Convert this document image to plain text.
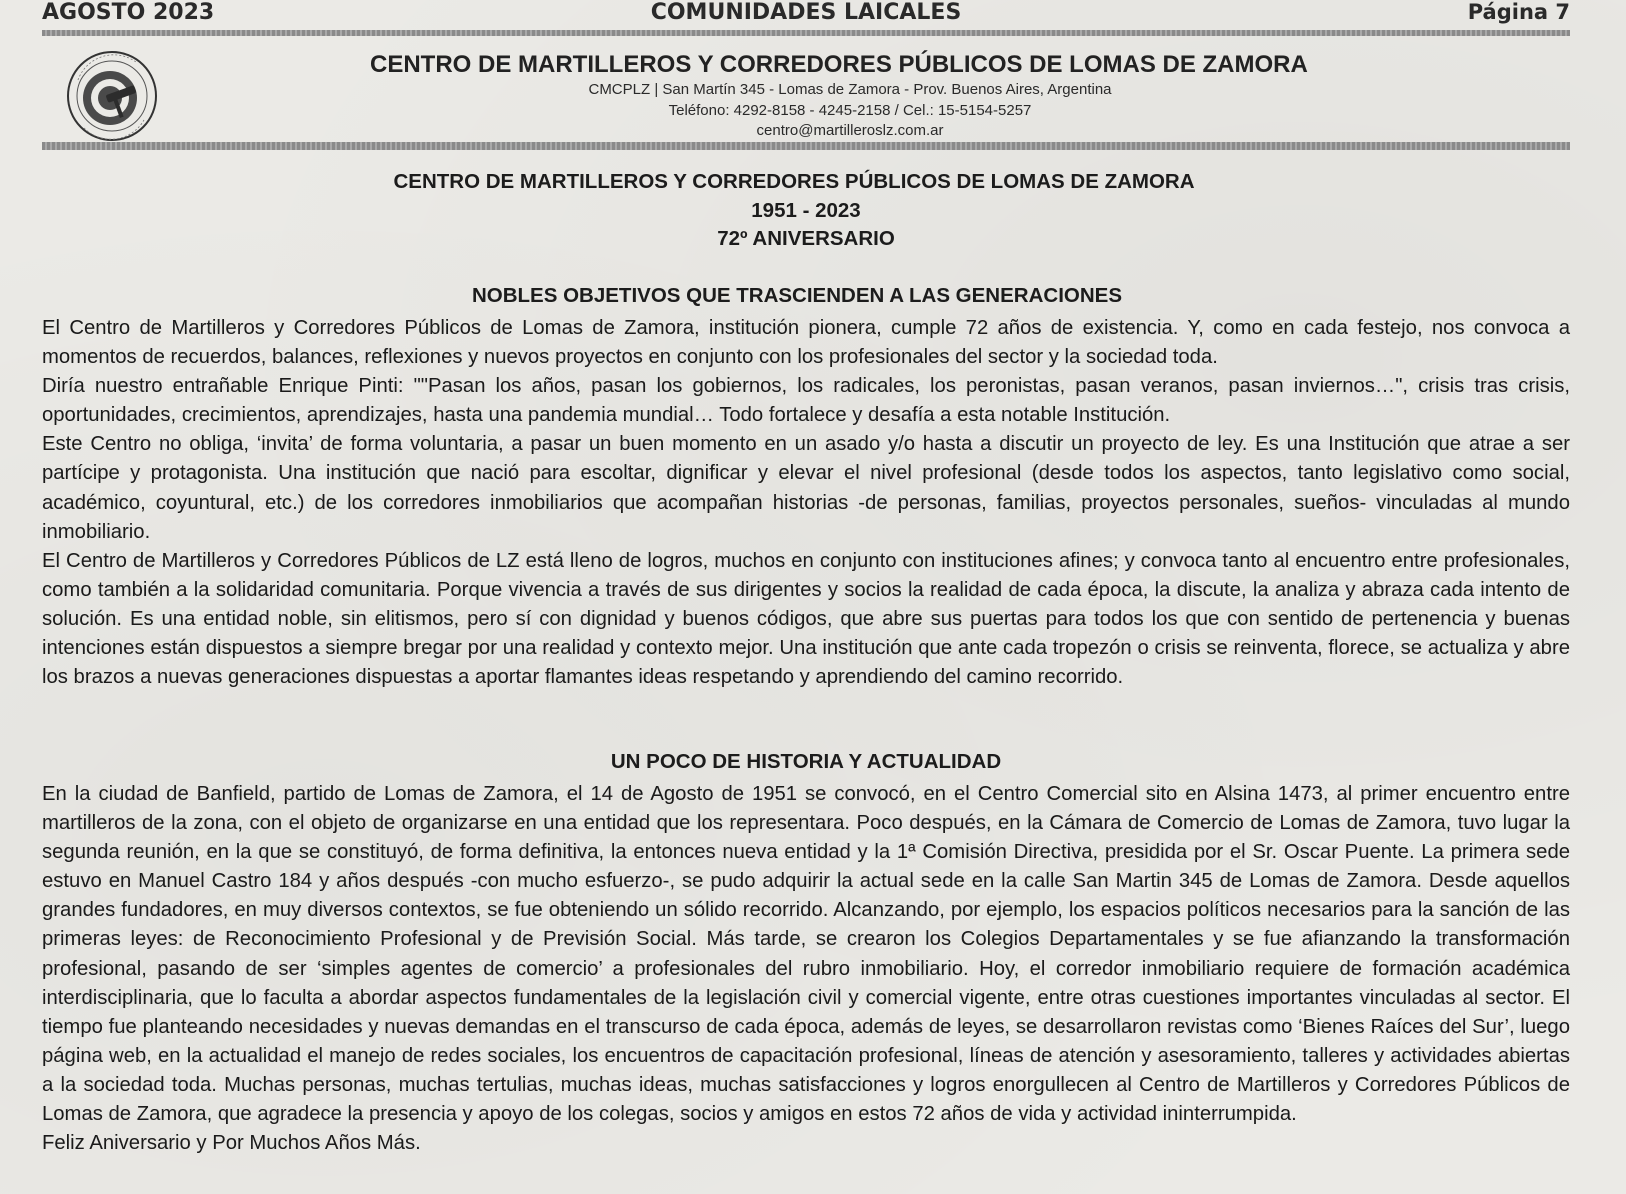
AGOSTO 2023	COMUNIDADES LAICALES	Página 7
CENTRO DE MARTILLEROS Y CORREDORES PÚBLICOS DE LOMAS DE ZAMORA
CMCPLZ | San Martín 345 - Lomas de Zamora - Prov. Buenos Aires, Argentina
Teléfono: 4292-8158 - 4245-2158 / Cel.: 15-5154-5257
centro@martilleroslz.com.ar
CENTRO DE MARTILLEROS Y CORREDORES PÚBLICOS DE LOMAS DE ZAMORA
1951 - 2023
72º ANIVERSARIO
NOBLES OBJETIVOS QUE TRASCIENDEN A LAS GENERACIONES

El Centro de Martilleros y Corredores Públicos de Lomas de Zamora, institución pionera, cumple 72 años de existencia. Y, como en cada festejo, nos convoca a momentos de recuerdos, balances, reflexiones y nuevos proyectos en conjunto con los profesionales del sector y la sociedad toda.

Diría nuestro entrañable Enrique Pinti: ""Pasan los años, pasan los gobiernos, los radicales, los peronistas, pasan veranos, pasan inviernos…", crisis tras crisis, oportunidades, crecimientos, aprendizajes, hasta una pandemia mundial… Todo fortalece y desafía a esta notable Institución.

Este Centro no obliga, ‘invita’ de forma voluntaria, a pasar un buen momento en un asado y/o hasta a discutir un proyecto de ley. Es una Institución que atrae a ser partícipe y protagonista. Una institución que nació para escoltar, dignificar y elevar el nivel profesional (desde todos los aspectos, tanto legislativo como social, académico, coyuntural, etc.) de los corredores inmobiliarios que acompañan historias -de personas, familias, proyectos personales, sueños- vinculadas al mundo inmobiliario.

El Centro de Martilleros y Corredores Públicos de LZ está lleno de logros, muchos en conjunto con instituciones afines; y convoca tanto al encuentro entre profesionales, como también a la solidaridad comunitaria. Porque vivencia a través de sus dirigentes y socios la realidad de cada época, la discute, la analiza y abraza cada intento de solución. Es una entidad noble, sin elitismos, pero sí con dignidad y buenos códigos, que abre sus puertas para todos los que con sentido de pertenencia y buenas intenciones están dispuestos a siempre bregar por una realidad y contexto mejor. Una institución que ante cada tropezón o crisis se reinventa, florece, se actualiza y abre los brazos a nuevas generaciones dispuestas a aportar flamantes ideas respetando y aprendiendo del camino recorrido.

UN POCO DE HISTORIA Y ACTUALIDAD

En la ciudad de Banfield, partido de Lomas de Zamora, el 14 de Agosto de 1951 se convocó, en el Centro Comercial sito en Alsina 1473, al primer encuentro entre martilleros de la zona, con el objeto de organizarse en una entidad que los representara. Poco después, en la Cámara de Comercio de Lomas de Zamora, tuvo lugar la segunda reunión, en la que se constituyó, de forma definitiva, la entonces nueva entidad y la 1ª Comisión Directiva, presidida por el Sr. Oscar Puente. La primera sede estuvo en Manuel Castro 184 y años después -con mucho esfuerzo-, se pudo adquirir la actual sede en la calle San Martin 345 de Lomas de Zamora. Desde aquellos grandes fundadores, en muy diversos contextos, se fue obteniendo un sólido recorrido. Alcanzando, por ejemplo, los espacios políticos necesarios para la sanción de las primeras leyes: de Reconocimiento Profesional y de Previsión Social. Más tarde, se crearon los Colegios Departamentales y se fue afianzando la transformación profesional, pasando de ser ‘simples agentes de comercio’ a profesionales del rubro inmobiliario. Hoy, el corredor inmobiliario requiere de formación académica interdisciplinaria, que lo faculta a abordar aspectos fundamentales de la legislación civil y comercial vigente, entre otras cuestiones importantes vinculadas al sector. El tiempo fue planteando necesidades y nuevas demandas en el transcurso de cada época, además de leyes, se desarrollaron revistas como ‘Bienes Raíces del Sur’, luego página web, en la actualidad el manejo de redes sociales, los encuentros de capacitación profesional, líneas de atención y asesoramiento, talleres y actividades abiertas a la sociedad toda. Muchas personas, muchas tertulias, muchas ideas, muchas satisfacciones y logros enorgullecen al Centro de Martilleros y Corredores Públicos de Lomas de Zamora, que agradece la presencia y apoyo de los colegas, socios y amigos en estos 72 años de vida y actividad ininterrumpida.

Feliz Aniversario y Por Muchos Años Más.
